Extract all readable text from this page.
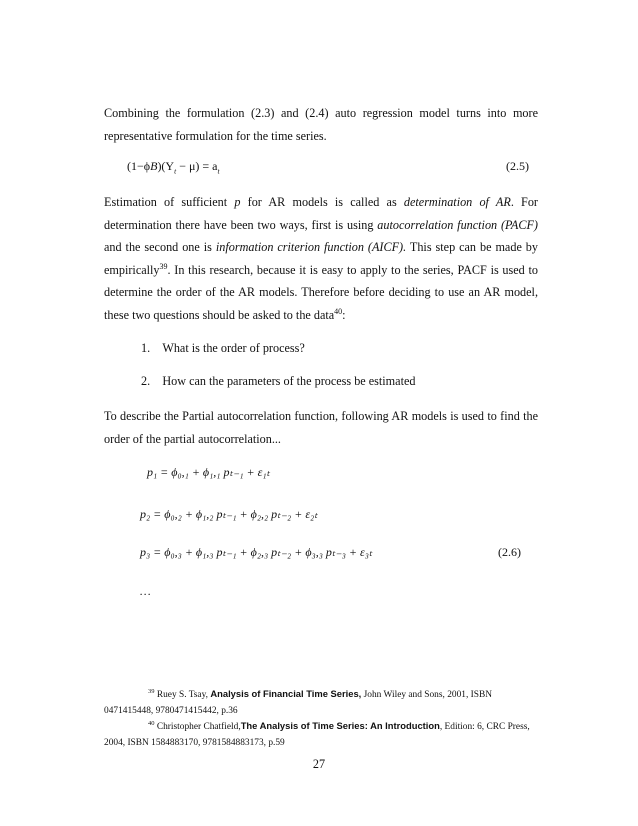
Combining the formulation (2.3) and (2.4) auto regression model turns into more representative formulation for the time series.

$(1-\phi B)(Y_t - \mu) = a_t$	(2.5)

Estimation of sufficient p for AR models is called as determination of AR. For determination there have been two ways, first is using autocorrelation function (PACF) and the second one is information criterion function (AICF). This step can be made by empirically$^{39}$. In this research, because it is easy to apply to the series, PACF is used to determine the order of the AR models. Therefore before deciding to use an AR model, these two questions should be asked to the data$^{40}$:

1. What is the order of process?
2. How can the parameters of the process be estimated

To describe the Partial autocorrelation function, following AR models is used to find the order of the partial autocorrelation...

p₁ = ϕ₀,₁ + ϕ₁,₁ pₜ₋₁ + ε₁ₜ
p₂ = ϕ₀,₂ + ϕ₁,₂ pₜ₋₁ + ϕ₂,₂ pₜ₋₂ + ε₂ₜ
p₃ = ϕ₀,₃ + ϕ₁,₃ pₜ₋₁ + ϕ₂,₃ pₜ₋₂ + ϕ₃,₃ pₜ₋₃ + ε₃ₜ	(2.6)
…

$^{39}$ Ruey S. Tsay, Analysis of Financial Time Series, John Wiley and Sons, 2001, ISBN 0471415448, 9780471415442, p.36

$^{40}$ Christopher Chatfield,The Analysis of Time Series: An Introduction, Edition: 6, CRC Press, 2004, ISBN 1584883170, 9781584883173, p.59

27
